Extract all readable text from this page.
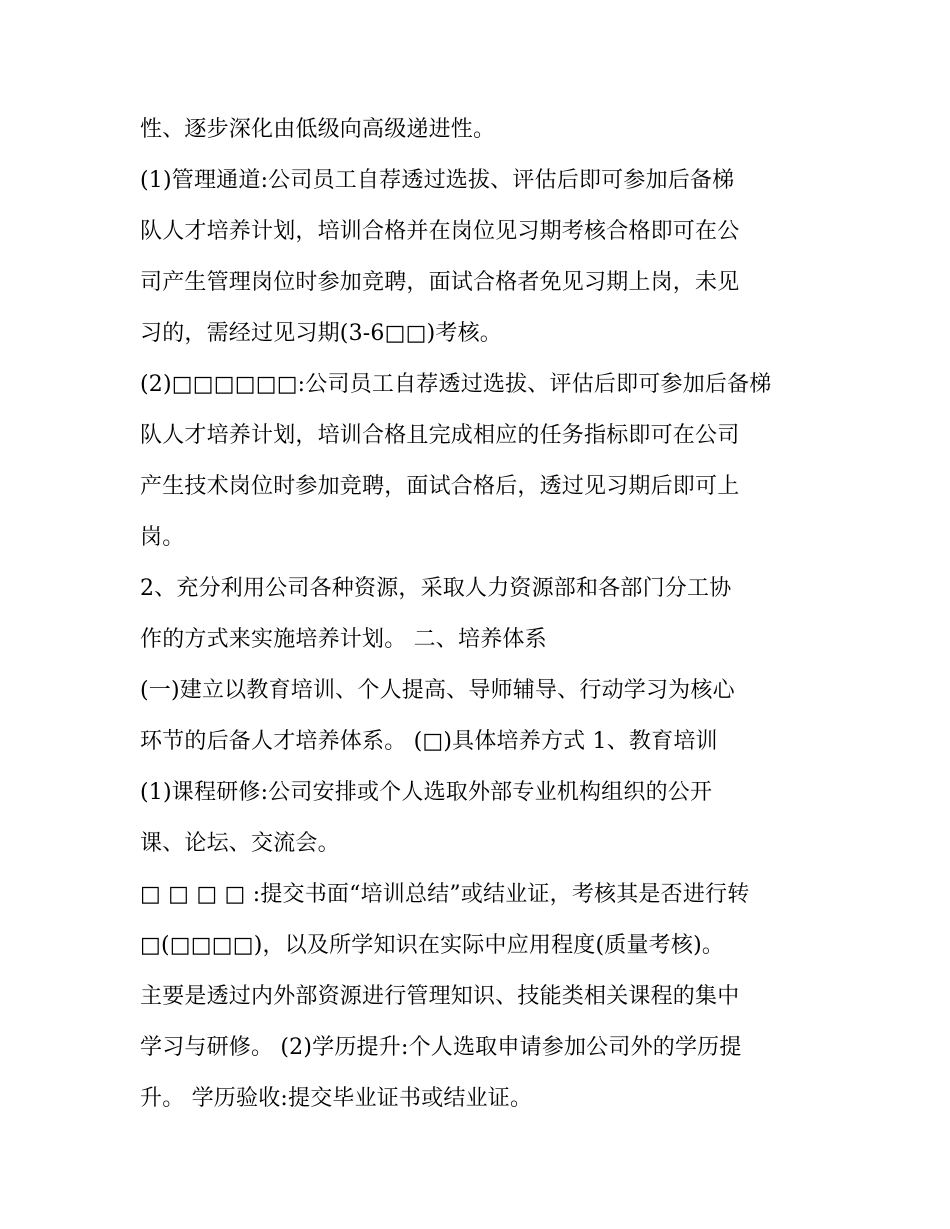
性、逐步深化由低级向高级递进性。
(1)管理通道:公司员工自荐透过选拔、评估后即可参加后备梯
队人才培养计划，培训合格并在岗位见习期考核合格即可在公
司产生管理岗位时参加竞聘，面试合格者免见习期上岗，未见
习的，需经过见习期(3-6□□)考核。
(2)□□□□□□:公司员工自荐透过选拔、评估后即可参加后备梯
队人才培养计划，培训合格且完成相应的任务指标即可在公司
产生技术岗位时参加竞聘，面试合格后，透过见习期后即可上
岗。
2、充分利用公司各种资源，采取人力资源部和各部门分工协
作的方式来实施培养计划。 二、培养体系
(一)建立以教育培训、个人提高、导师辅导、行动学习为核心
环节的后备人才培养体系。 (□)具体培养方式 1、教育培训
(1)课程研修:公司安排或个人选取外部专业机构组织的公开
课、论坛、交流会。
□ □ □ □ :提交书面“培训总结”或结业证，考核其是否进行转
□(□□□□)，以及所学知识在实际中应用程度(质量考核)。
主要是透过内外部资源进行管理知识、技能类相关课程的集中
学习与研修。 (2)学历提升:个人选取申请参加公司外的学历提
升。 学历验收:提交毕业证书或结业证。
